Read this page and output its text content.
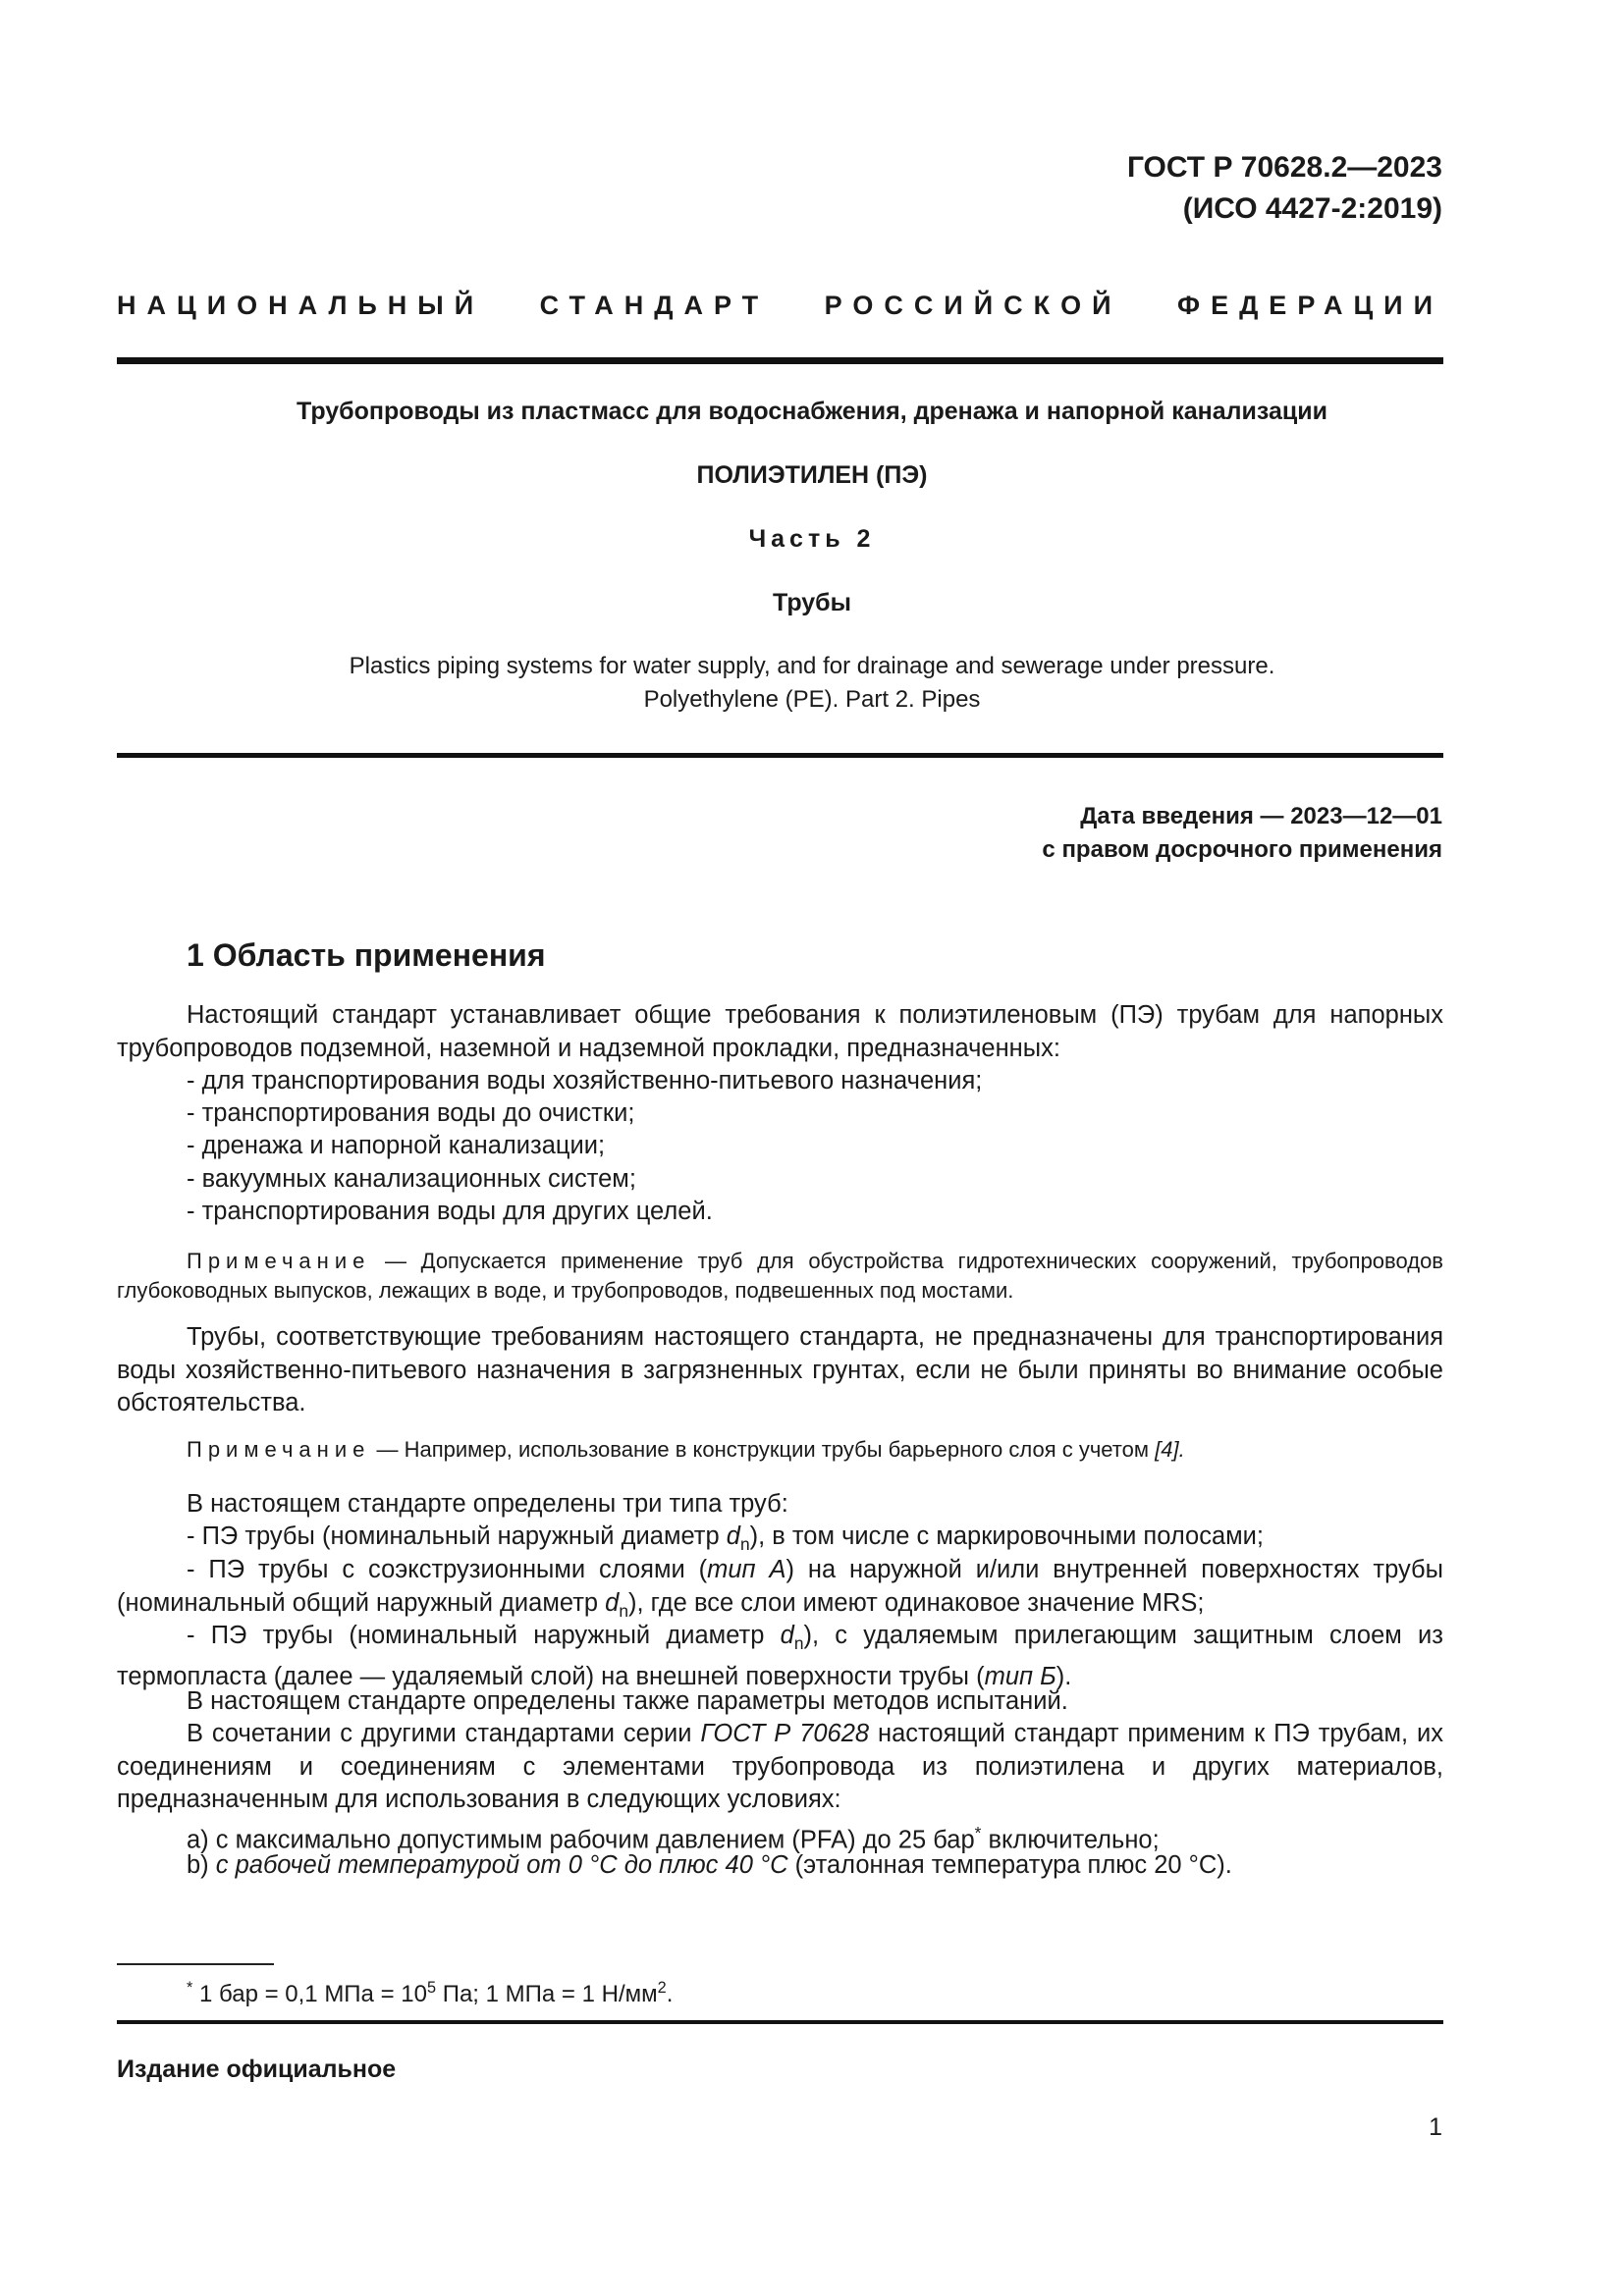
ГОСТ Р 70628.2—2023
(ИСО 4427-2:2019)
НАЦИОНАЛЬНЫЙ СТАНДАРТ РОССИЙСКОЙ ФЕДЕРАЦИИ
Трубопроводы из пластмасс для водоснабжения, дренажа и напорной канализации
ПОЛИЭТИЛЕН (ПЭ)
Часть 2
Трубы
Plastics piping systems for water supply, and for drainage and sewerage under pressure.
Polyethylene (PE). Part 2. Pipes
Дата введения — 2023—12—01
с правом досрочного применения
1 Область применения
Настоящий стандарт устанавливает общие требования к полиэтиленовым (ПЭ) трубам для напорных трубопроводов подземной, наземной и надземной прокладки, предназначенных:
- для транспортирования воды хозяйственно-питьевого назначения;
- транспортирования воды до очистки;
- дренажа и напорной канализации;
- вакуумных канализационных систем;
- транспортирования воды для других целей.
Примечание — Допускается применение труб для обустройства гидротехнических сооружений, трубопроводов глубоководных выпусков, лежащих в воде, и трубопроводов, подвешенных под мостами.
Трубы, соответствующие требованиям настоящего стандарта, не предназначены для транспортирования воды хозяйственно-питьевого назначения в загрязненных грунтах, если не были приняты во внимание особые обстоятельства.
Примечание — Например, использование в конструкции трубы барьерного слоя с учетом [4].
В настоящем стандарте определены три типа труб:
- ПЭ трубы (номинальный наружный диаметр $d_n$), в том числе с маркировочными полосами;
- ПЭ трубы с соэкструзионными слоями (тип А) на наружной и/или внутренней поверхностях трубы (номинальный общий наружный диаметр $d_n$), где все слои имеют одинаковое значение MRS;
- ПЭ трубы (номинальный наружный диаметр $d_n$), с удаляемым прилегающим защитным слоем из термопласта (далее — удаляемый слой) на внешней поверхности трубы (тип Б).
В настоящем стандарте определены также параметры методов испытаний.
В сочетании с другими стандартами серии ГОСТ Р 70628 настоящий стандарт применим к ПЭ трубам, их соединениям и соединениям с элементами трубопровода из полиэтилена и других материалов, предназначенным для использования в следующих условиях:
а) с максимально допустимым рабочим давлением (PFA) до 25 бар* включительно;
b) с рабочей температурой от 0 °С до плюс 40 °С (эталонная температура плюс 20 °С).
* 1 бар = 0,1 МПа = $10^5$ Па; 1 МПа = 1 $Н/мм^2$.
Издание официальное
1
